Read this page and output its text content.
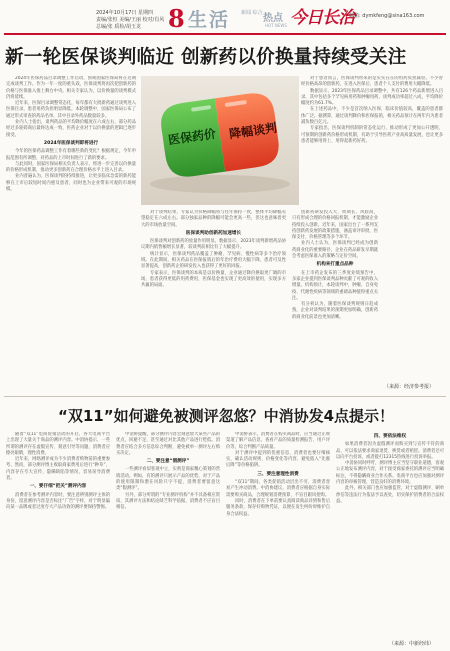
2024年10月17日 星期四
责编/张恒 美编/王丽 校对/肖风
总编/张 质检/胡玉龙	8 生活 新闻 综合 热点
HOT NEWS 今日长治
邮箱: dymkfeng@sina163.com
新一轮医保谈判临近 创新药以价换量持续受关注

2024年医保药品目录调整工作启动，预期国家医保局将在近期完成谈判工作。作为一年一度的重头戏，医保谈判将再次把创新药的价格与医保准入推上舞台中央。相关专家认为，以价换量的谈判模式仍将延续。

近年来，医保目录调整常态化，每年都有大批新药通过谈判进入医保目录，患者用药负担明显降低。本轮调整中，国家医保局公布了通过形式审查的药品名单，其中目录外药品数量较多。

业内人士指出，谈判药品的平均降价幅度在六成左右，部分药品经过多轮磋商后最终达成一致，医药企业对于以价换量的逻辑已逐步接受。

2024年医保谈判即将进行

今年的医保药品调整工作有着哪些新的变化？根据规定，今年申报范围有所调整，对药品的上市时间进行了新的要求。

与此同时，国家医保局相关负责人表示，将进一步完善以价换量的价格形成机制，推动更多创新药在合理价格水平上进入目录。

业内普遍认为，医保谈判的持续推进，让更多临床急需的新药能够在上市后较短时间内惠及患者，同时也为企业带来可观的市场规模。

医保药价 降幅谈判

对于谈判结果，专家认为价格降幅将与往年保持一致，整体平均降幅有望稳定在六成左右。部分独家品种的降幅可能会更高一些，但这也意味着更大的市场放量空间。

医保谈判助创新药加速增长

医保谈判对创新药的放量作用明显。数据显示，2023年谈判新增药品协议期内销售额增长显著，较谈判前相比有了大幅提升。

统计显示，医保谈判药品覆盖了肿瘤、罕见病、慢性病等多个治疗领域。在此期间，相关药品在医保报销后的年治疗费用大幅下降，患者可及性显著提高，创新药企的研发投入也获得了更好的回报。

专家表示，医保谈判的本质是以价换量，企业通过降价换取更广阔的市场，患者获得更低的用药费用，医保基金也实现了更高效的使用，实现多方共赢的局面。

创新药研发投入大、周期长、风险高，只有形成合理的价格回报机制，才能激励企业持续投入创新。近年来，国家出台了一系列支持创新药发展的政策措施，涵盖审评审批、医保支付、价格管理等多个环节。

业内人士认为，医保谈判已经成为创新药商业化的重要路径，企业在药品研发早期就会考虑医保准入的策略与定价空间。

机构来打重点品种

在上市药企发布的三季度业绩预告中，多家企业提到医保谈判品种贡献了可观的收入增量。机构预计，本轮谈判中，肿瘤、自身免疫、代谢性疾病等领域的重磅品种值得重点关注。

有分析认为，随着医保谈判规则日趋成熟，企业对谈判结果的预期更加明确，创新药的商业化前景也更加清晰。

对于患者而言，医保谈判带来的是实实在在的用药负担减轻。不少曾经价格高昂的创新药，在进入医保后，患者个人支付的费用大幅降低。

数据显示，2023年医保药品目录调整中，共有126个药品新增进入目录，其中包括多个罕见病用药和肿瘤用药，谈判成功率超过八成，平均降价幅度约为61.7%。

在上述药品中，不少是首次纳入医保，临床价值较高，覆盖的患者群体广泛。据测算，通过谈判降价和医保报销，相关药品预计在两年内为患者减负数百亿元。

专家指出，医保谈判机制的常态化运行，推动形成了更加公开透明、可预期的创新药价格形成机制，有助于引导医药产业高质量发展，也让更多患者能够用得上、用得起新药好药。

（来源：经济参考报）
“双11”如何避免被测评忽悠？中消协发4点提示！

随着“双11”电商促销活动的开启，各大电商平台上出现了大量关于商品的测评内容。中消协提示，一些所谓的测评存在虚假宣传、刻意引导等问题，消费者应擦亮眼睛，理性消费。

近年来，网络测评成为不少消费者购物前的重要参考。然而，部分测评博主收取商家费用后进行“种草”，内容存在夸大宣传、隐瞒缺陷等情况，容易误导消费者。

一、要仔细“把关”测评内容

消费者在参考测评内容时，要注意辨别测评主体的身份，留意测评内容是否标注“广告”字样，对于明显偏向某一品牌或者过度夸大产品功效的测评要保持警惕。

中消协提醒，部分测评内容会刻意放大某些产品的优点，回避不足，甚至通过对比其他产品进行贬低。消费者应结合多方信息综合判断，避免被单一测评左右购买决定。

二、要注意“假测评”

一些测评看似客观中立，实则是商家精心策划的营销活动。例如，有的测评只展示产品的优势，对于产品的使用限制和潜在风险只字不提，消费者要留意这类“假测评”。

另外，部分所谓的“专业测评机构”并不具备相应资质，其测评方法和结论缺乏科学依据，消费者不应盲目相信。

中消协表示，消费者在购买商品时，应当通过正规渠道了解产品信息，查看产品的质量检测报告、用户评价等，综合判断产品质量。

对于测评中提到的优惠信息，消费者也要仔细核实，确认活动规则、价格变化等内容，避免陷入“先涨后降”等价格陷阱。

三、要注意理性消费

“双11”期间，各类促销活动层出不穷，消费者容易产生冲动消费。中消协建议，消费者应根据自身实际需要购买商品，合理规划消费预算，不盲目跟风抢购。

同时，消费者在下单前要认真阅读商品详情和售后服务条款，保存好购物凭证，以便在发生纠纷时维护自身合法权益。

四、要依法维权

如果消费者因为虚假测评而购买到与宣传不符的商品，可以依法要求商家退货、换货或者赔偿。消费者还可以向平台投诉，或者拨打12315热线进行投诉举报。

中消协同时呼吁，测评博主应当坚守职业道德，客观公正地发布测评内容，对于接受商家委托的测评应当明确标注，不得隐瞒商业合作关系。电商平台也应加强对测评内容的审核管理，营造良好的消费环境。

此外，相关部门也应加强监管，对于虚假测评、刷单炒信等违法行为依法予以查处，切实保护消费者的合法权益。

（来源：中新经纬）
